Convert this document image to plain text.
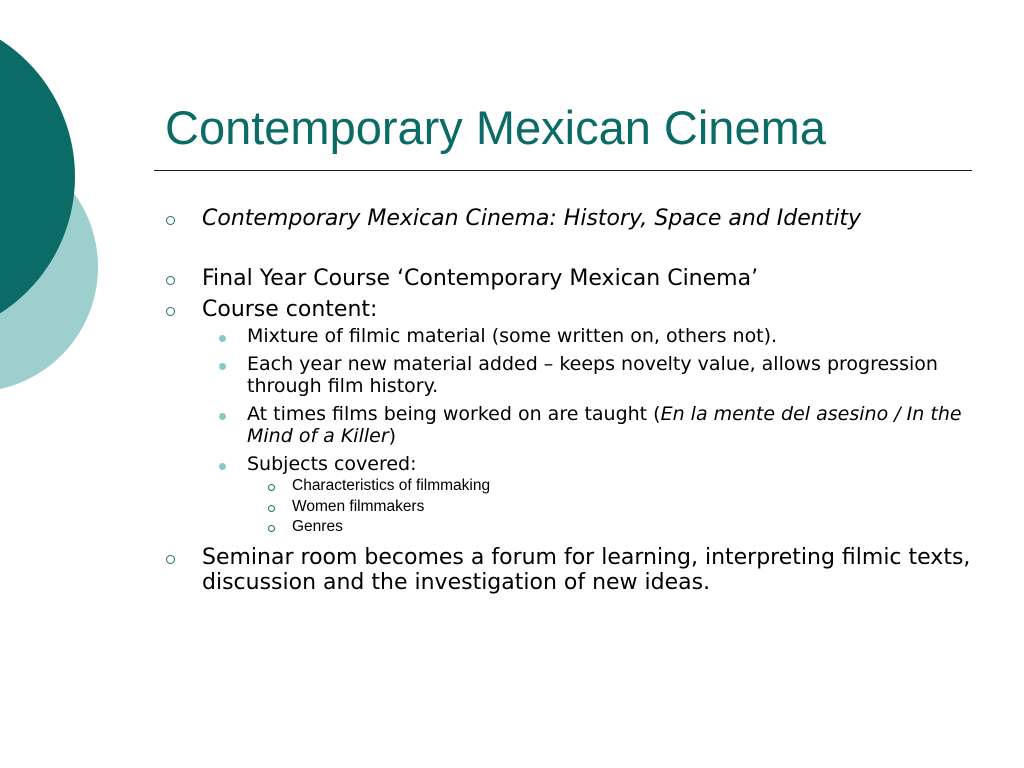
Contemporary Mexican Cinema
Contemporary Mexican Cinema: History, Space and Identity
Final Year Course ‘Contemporary Mexican Cinema’
Course content:
Mixture of filmic material (some written on, others not).
Each year new material added – keeps novelty value, allows progression through film history.
At times films being worked on are taught (En la mente del asesino / In the Mind of a Killer)
Subjects covered:
Characteristics of filmmaking
Women filmmakers
Genres
Seminar room becomes a forum for learning, interpreting filmic texts, discussion and the investigation of new ideas.
